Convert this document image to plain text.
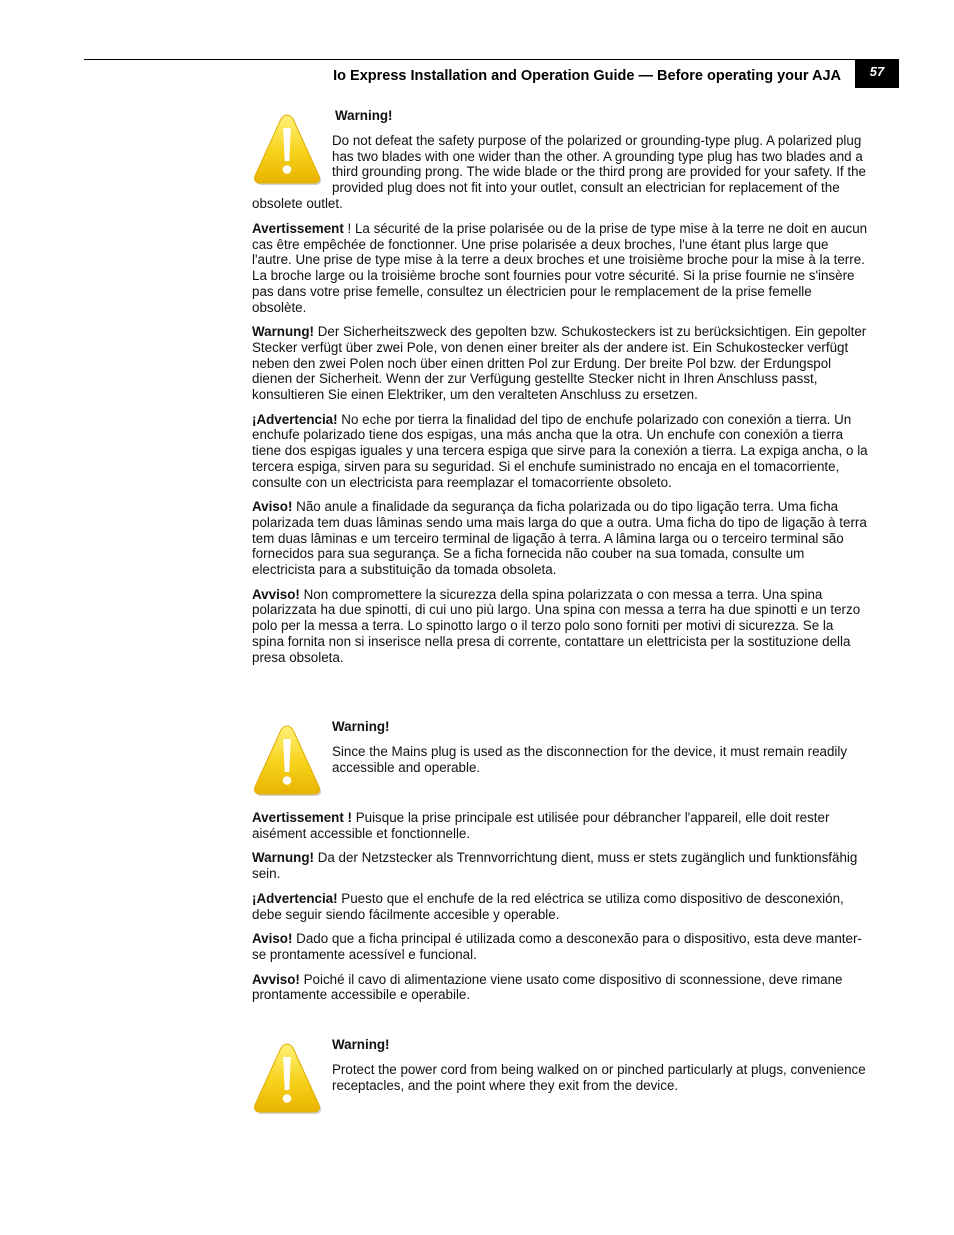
Io Express Installation and Operation Guide — Before operating your AJA	57
Warning!
Do not defeat the safety purpose of the polarized or grounding-type plug. A polarized plug has two blades with one wider than the other. A grounding type plug has two blades and a third grounding prong. The wide blade or the third prong are provided for your safety. If the provided plug does not fit into your outlet, consult an electrician for replacement of the obsolete outlet.

Avertissement ! La sécurité de la prise polarisée ou de la prise de type mise à la terre ne doit en aucun cas être empêchée de fonctionner. Une prise polarisée a deux broches, l'une étant plus large que l'autre. Une prise de type mise à la terre a deux broches et une troisième broche pour la mise à la terre. La broche large ou la troisième broche sont fournies pour votre sécurité. Si la prise fournie ne s'insère pas dans votre prise femelle, consultez un électricien pour le remplacement de la prise femelle obsolète.

Warnung! Der Sicherheitszweck des gepolten bzw. Schukosteckers ist zu berücksichtigen. Ein gepolter Stecker verfügt über zwei Pole, von denen einer breiter als der andere ist. Ein Schukostecker verfügt neben den zwei Polen noch über einen dritten Pol zur Erdung. Der breite Pol bzw. der Erdungspol dienen der Sicherheit. Wenn der zur Verfügung gestellte Stecker nicht in Ihren Anschluss passt, konsultieren Sie einen Elektriker, um den veralteten Anschluss zu ersetzen.

¡Advertencia! No eche por tierra la finalidad del tipo de enchufe polarizado con conexión a tierra. Un enchufe polarizado tiene dos espigas, una más ancha que la otra. Un enchufe con conexión a tierra tiene dos espigas iguales y una tercera espiga que sirve para la conexión a tierra. La expiga ancha, o la tercera espiga, sirven para su seguridad. Si el enchufe suministrado no encaja en el tomacorriente, consulte con un electricista para reemplazar el tomacorriente obsoleto.

Aviso! Não anule a finalidade da segurança da ficha polarizada ou do tipo ligação terra. Uma ficha polarizada tem duas lâminas sendo uma mais larga do que a outra. Uma ficha do tipo de ligação à terra tem duas lâminas e um terceiro terminal de ligação à terra. A lâmina larga ou o terceiro terminal são fornecidos para sua segurança. Se a ficha fornecida não couber na sua tomada, consulte um electricista para a substituição da tomada obsoleta.

Avviso! Non compromettere la sicurezza della spina polarizzata o con messa a terra. Una spina polarizzata ha due spinotti, di cui uno più largo. Una spina con messa a terra ha due spinotti e un terzo polo per la messa a terra. Lo spinotto largo o il terzo polo sono forniti per motivi di sicurezza. Se la spina fornita non si inserisce nella presa di corrente, contattare un elettricista per la sostituzione della presa obsoleta.

Warning!
Since the Mains plug is used as the disconnection for the device, it must remain readily accessible and operable.

Avertissement ! Puisque la prise principale est utilisée pour débrancher l'appareil, elle doit rester aisément accessible et fonctionnelle.

Warnung! Da der Netzstecker als Trennvorrichtung dient, muss er stets zugänglich und funktionsfähig sein.

¡Advertencia! Puesto que el enchufe de la red eléctrica se utiliza como dispositivo de desconexión, debe seguir siendo fácilmente accesible y operable.

Aviso! Dado que a ficha principal é utilizada como a desconexão para o dispositivo, esta deve manter-se prontamente acessível e funcional.

Avviso! Poiché il cavo di alimentazione viene usato come dispositivo di sconnessione, deve rimane prontamente accessibile e operabile.

Warning!
Protect the power cord from being walked on or pinched particularly at plugs, convenience receptacles, and the point where they exit from the device.
